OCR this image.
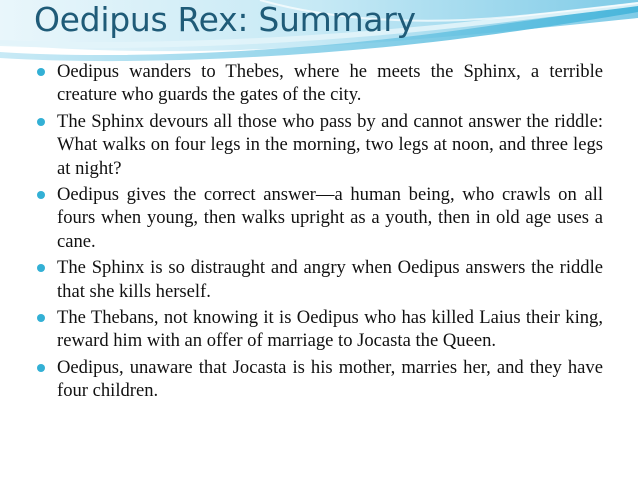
Oedipus Rex: Summary
Oedipus wanders to Thebes, where he meets the Sphinx, a terrible creature who guards the gates of the city.
The Sphinx devours all those who pass by and cannot answer the riddle: What walks on four legs in the morning, two legs at noon, and three legs at night?
Oedipus gives the correct answer—a human being, who crawls on all fours when young, then walks upright as a youth, then in old age uses a cane.
The Sphinx is so distraught and angry when Oedipus answers the riddle that she kills herself.
The Thebans, not knowing it is Oedipus who has killed Laius their king, reward him with an offer of marriage to Jocasta the Queen.
Oedipus, unaware that Jocasta is his mother, marries her, and they have four children.
